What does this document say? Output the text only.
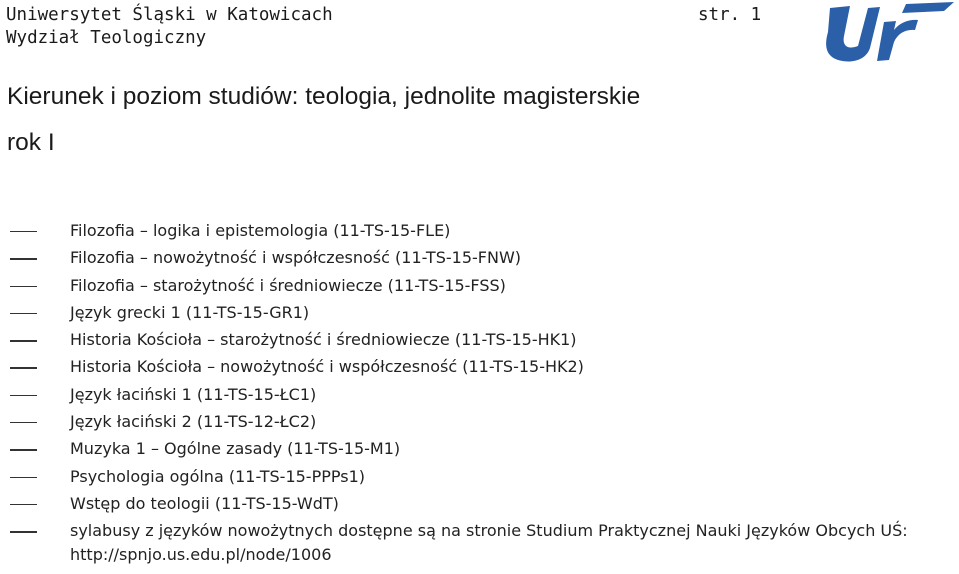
Uniwersytet Śląski w Katowicach
Wydział Teologiczny
str. 1
Kierunek i poziom studiów: teologia, jednolite magisterskie
rok I
Filozofia – logika i epistemologia (11-TS-15-FLE)
Filozofia – nowożytność i współczesność (11-TS-15-FNW)
Filozofia – starożytność i średniowiecze (11-TS-15-FSS)
Język grecki 1 (11-TS-15-GR1)
Historia Kościoła – starożytność i średniowiecze (11-TS-15-HK1)
Historia Kościoła – nowożytność i współczesność (11-TS-15-HK2)
Język łaciński 1 (11-TS-15-ŁC1)
Język łaciński 2 (11-TS-12-ŁC2)
Muzyka 1 – Ogólne zasady (11-TS-15-M1)
Psychologia ogólna (11-TS-15-PPPs1)
Wstęp do teologii (11-TS-15-WdT)
sylabusy z języków nowożytnych dostępne są na stronie Studium Praktycznej Nauki Języków Obcych UŚ: http://spnjo.us.edu.pl/node/1006
